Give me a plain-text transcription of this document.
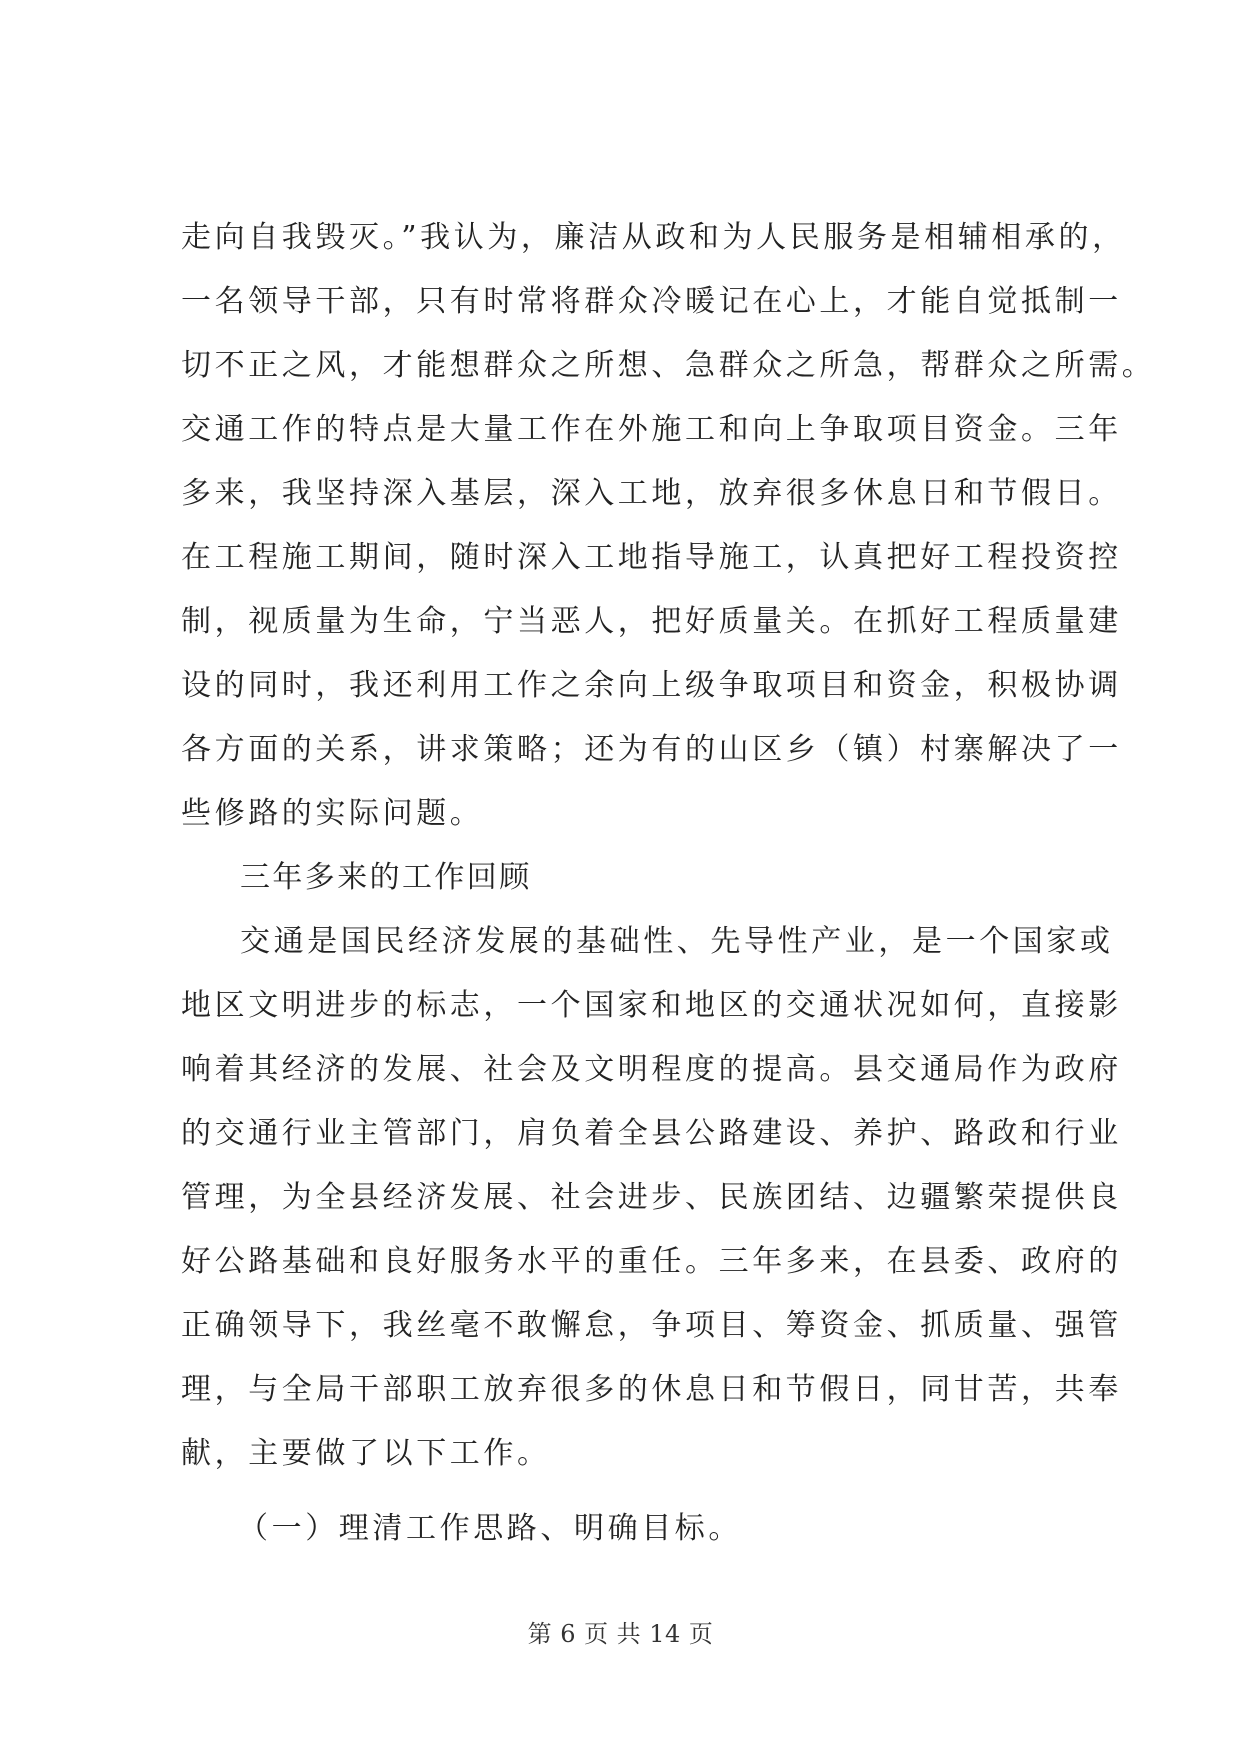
走向自我毁灭。”我认为，廉洁从政和为人民服务是相辅相承的，
一名领导干部，只有时常将群众冷暖记在心上，才能自觉抵制一
切不正之风，才能想群众之所想、急群众之所急，帮群众之所需。
交通工作的特点是大量工作在外施工和向上争取项目资金。三年
多来，我坚持深入基层，深入工地，放弃很多休息日和节假日。
在工程施工期间，随时深入工地指导施工，认真把好工程投资控
制，视质量为生命，宁当恶人，把好质量关。在抓好工程质量建
设的同时，我还利用工作之余向上级争取项目和资金，积极协调
各方面的关系，讲求策略；还为有的山区乡（镇）村寨解决了一
些修路的实际问题。
三年多来的工作回顾
交通是国民经济发展的基础性、先导性产业，是一个国家或
地区文明进步的标志，一个国家和地区的交通状况如何，直接影
响着其经济的发展、社会及文明程度的提高。县交通局作为政府
的交通行业主管部门，肩负着全县公路建设、养护、路政和行业
管理，为全县经济发展、社会进步、民族团结、边疆繁荣提供良
好公路基础和良好服务水平的重任。三年多来，在县委、政府的
正确领导下，我丝毫不敢懈怠，争项目、筹资金、抓质量、强管
理，与全局干部职工放弃很多的休息日和节假日，同甘苦，共奉
献，主要做了以下工作。
（一）理清工作思路、明确目标。
第 6 页 共 14 页
